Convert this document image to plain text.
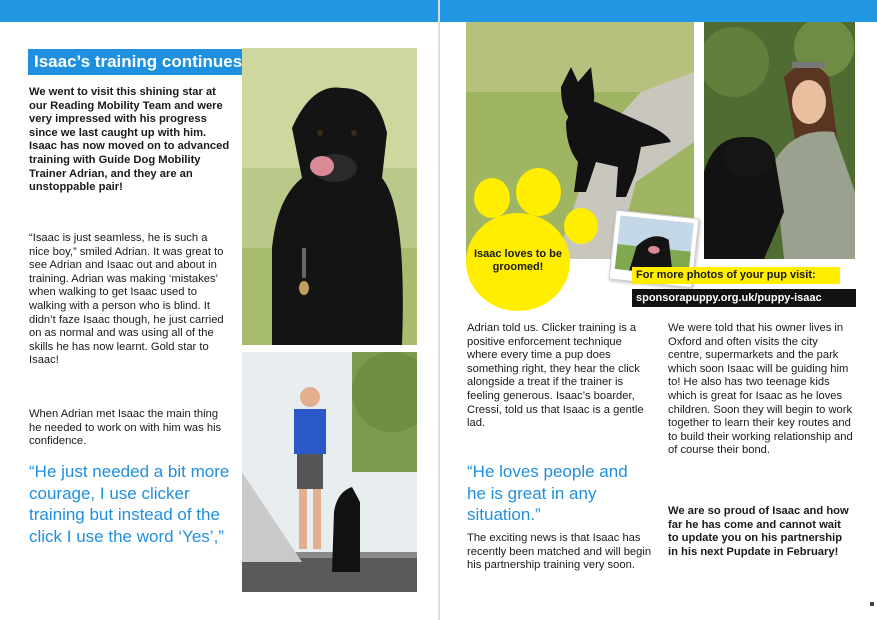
Isaac’s training continues
We went to visit this shining star at our Reading Mobility Team and were very impressed with his progress since we last caught up with him. Isaac has now moved on to advanced training with Guide Dog Mobility Trainer Adrian, and they are an unstoppable pair!
“Isaac is just seamless, he is such a nice boy,” smiled Adrian. It was great to see Adrian and Isaac out and about in training. Adrian was making ‘mistakes’ when walking to get Isaac used to walking with a person who is blind. It didn’t faze Isaac though, he just carried on as normal and was using all of the skills he has now learnt. Gold star to Isaac!
When Adrian met Isaac the main thing he needed to work on with him was his confidence.
“He just needed a bit more courage, I use clicker training but instead of the click I use the word ‘Yes’,”
Isaac loves to be groomed!
For more photos of your pup visit:
sponsorapuppy.org.uk/puppy-isaac
Adrian told us. Clicker training is a positive enforcement technique where every time a pup does something right, they hear the click alongside a treat if the trainer is feeling generous. Isaac’s boarder, Cressi, told us that Isaac is a gentle lad.
“He loves people and he is great in any situation.”
The exciting news is that Isaac has recently been matched and will begin his partnership training very soon.
We were told that his owner lives in Oxford and often visits the city centre, supermarkets and the park which soon Isaac will be guiding him to! He also has two teenage kids which is great for Isaac as he loves children. Soon they will begin to work together to learn their key routes and to build their working relationship and of course their bond.
We are so proud of Isaac and how far he has come and cannot wait to update you on his partnership in his next Pupdate in February!
